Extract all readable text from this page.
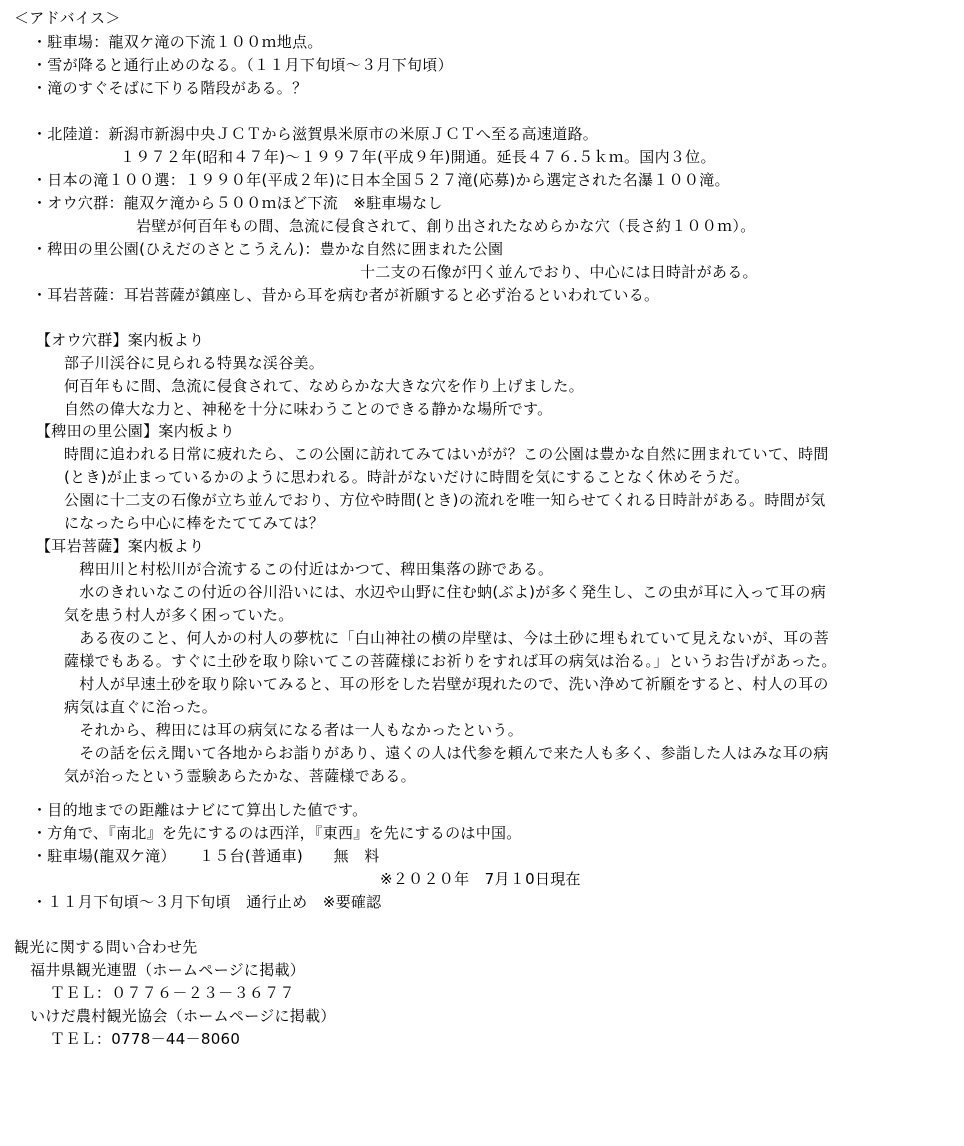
＜アドバイス＞
・駐車場：龍双ケ滝の下流１００ｍ地点。
・雪が降ると通行止めのなる。（１１月下旬頃～３月下旬頃）
・滝のすぐそばに下りる階段がある。？
・北陸道：新潟市新潟中央ＪＣＴから滋賀県米原市の米原ＪＣＴへ至る高速道路。
１９７２年(昭和４７年)～１９９７年(平成９年)開通。延長４７６.５ｋｍ。国内３位。
・日本の滝１００選：１９９０年(平成２年)に日本全国５２７滝(応募)から選定された名瀑１００滝。
・オウ穴群：龍双ケ滝から５００ｍほど下流　※駐車場なし
岩壁が何百年もの間、急流に侵食されて、創り出されたなめらかな穴（長さ約１００ｍ）。
・稗田の里公園(ひえだのさとこうえん)：豊かな自然に囲まれた公園
十二支の石像が円く並んでおり、中心には日時計がある。
・耳岩菩薩：耳岩菩薩が鎮座し、昔から耳を病む者が祈願すると必ず治るといわれている。
【オウ穴群】案内板より
部子川渓谷に見られる特異な渓谷美。
何百年もに間、急流に侵食されて、なめらかな大きな穴を作り上げました。
自然の偉大な力と、神秘を十分に味わうことのできる静かな場所です。
【稗田の里公園】案内板より
時間に追われる日常に疲れたら、この公園に訪れてみてはいがが？この公園は豊かな自然に囲まれていて、時間
(とき)が止まっているかのように思われる。時計がないだけに時間を気にすることなく休めそうだ。
公園に十二支の石像が立ち並んでおり、方位や時間(とき)の流れを唯一知らせてくれる日時計がある。時間が気
になったら中心に棒をたててみては？
【耳岩菩薩】案内板より
　稗田川と村松川が合流するこの付近はかつて、稗田集落の跡である。
　水のきれいなこの付近の谷川沿いには、水辺や山野に住む蚋(ぶよ)が多く発生し、この虫が耳に入って耳の病
気を患う村人が多く困っていた。
　ある夜のこと、何人かの村人の夢枕に「白山神社の横の岸壁は、今は土砂に埋もれていて見えないが、耳の菩
薩様でもある。すぐに土砂を取り除いてこの菩薩様にお祈りをすれば耳の病気は治る。」というお告げがあった。
　村人が早速土砂を取り除いてみると、耳の形をした岩壁が現れたので、洗い浄めて祈願をすると、村人の耳の
病気は直ぐに治った。
　それから、稗田には耳の病気になる者は一人もなかったという。
　その話を伝え聞いて各地からお詣りがあり、遠くの人は代参を頼んで来た人も多く、参詣した人はみな耳の病
気が治ったという霊験あらたかな、菩薩様である。
・目的地までの距離はナビにて算出した値です。
・方角で、『南北』を先にするのは西洋，『東西』を先にするのは中国。
・駐車場(龍双ケ滝）　　１５台(普通車)　　無　料
※２０２０年　7月１0日現在
・１１月下旬頃～３月下旬頃　通行止め　※要確認
観光に関する問い合わせ先
福井県観光連盟（ホームページに掲載）
ＴＥＬ：０７７６－２３－３６７７
いけだ農村観光協会（ホームページに掲載）
ＴＥＬ：0778－44－8060
